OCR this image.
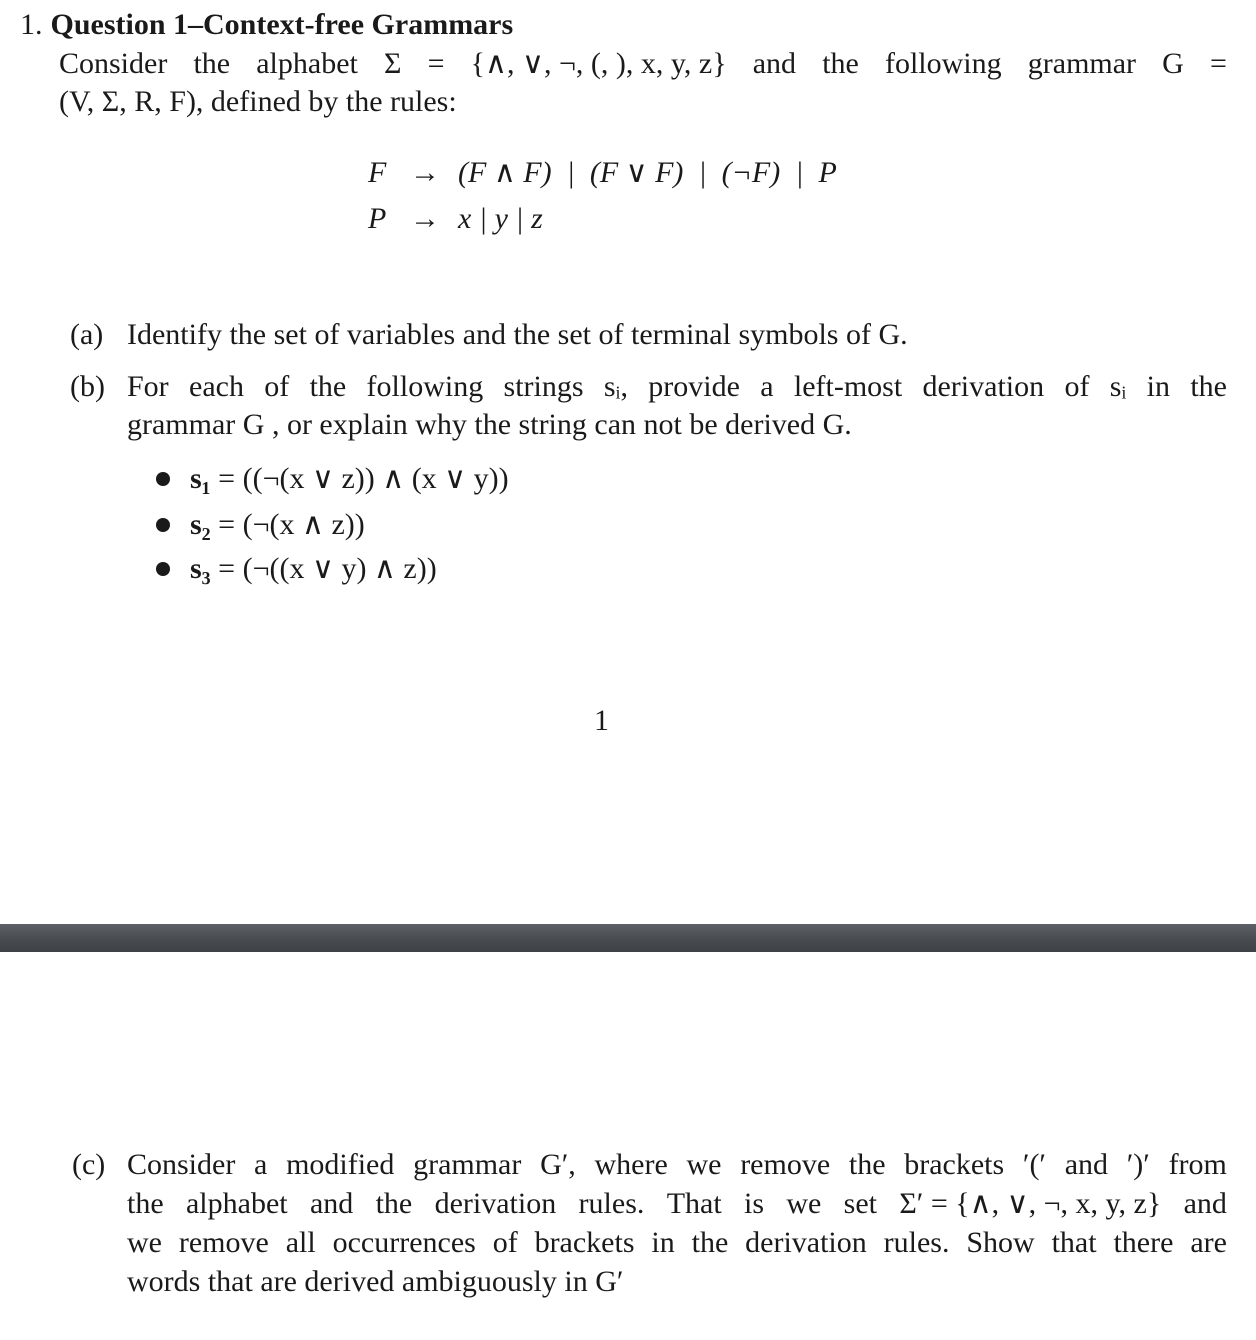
1. Question 1–Context-free Grammars
Consider the alphabet Σ = {∧, ∨, ¬, (, ), x, y, z} and the following grammar G =
(V, Σ, R, F), defined by the rules:
F → (F ∧ F)  |  (F ∨ F)  |  (¬F)  |  P
P → x | y | z
(a) Identify the set of variables and the set of terminal symbols of G.
(b) For each of the following strings sᵢ, provide a left-most derivation of sᵢ in the
grammar G , or explain why the string can not be derived G.
s₁
= ((¬(x ∨ z)) ∧ (x ∨ y))
s₂
= (¬(x ∧ z))
s₃
= (¬((x ∨ y) ∧ z))
1
(c) Consider a modified grammar G′, where we remove the brackets ′(′ and ′)′ from
the alphabet and the derivation rules. That is we set Σ′ = {∧, ∨, ¬, x, y, z} and
we remove all occurrences of brackets in the derivation rules. Show that there are
words that are derived ambiguously in G′
